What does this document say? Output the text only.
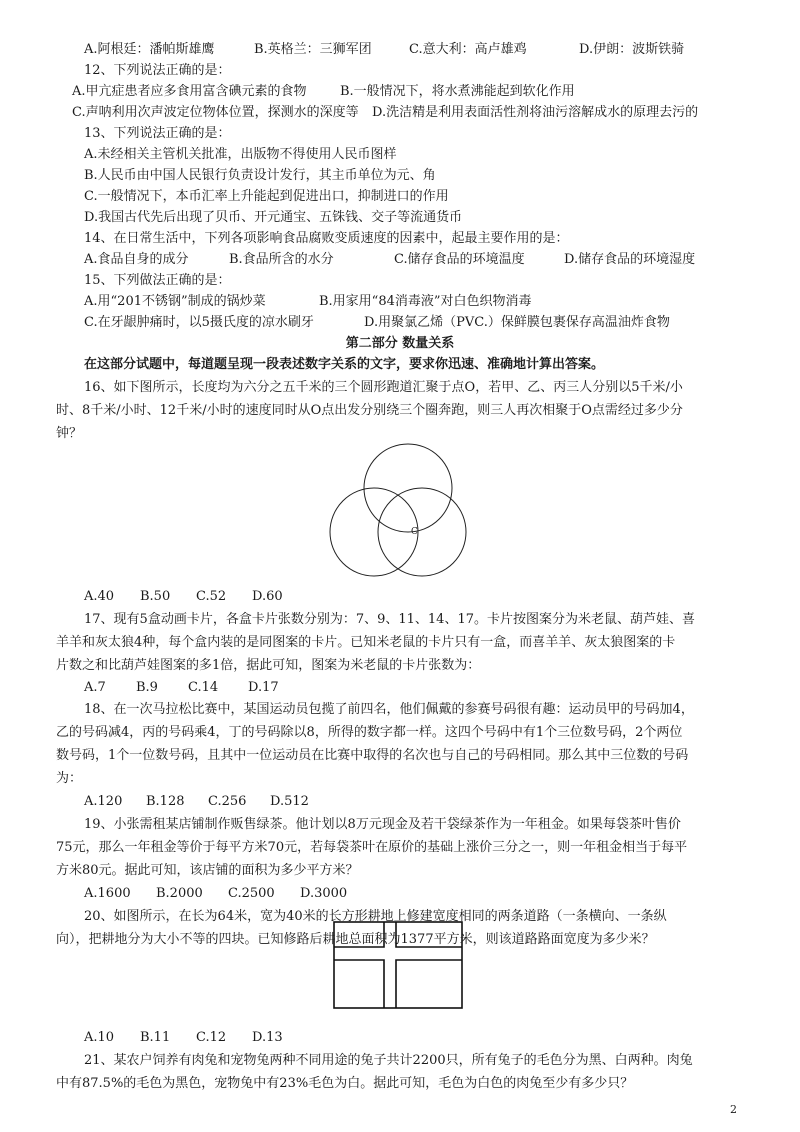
A.阿根廷：潘帕斯雄鹰	B.英格兰：三狮军团	C.意大利：高卢雄鸡	D.伊朗：波斯铁骑
12、下列说法正确的是：
A.甲亢症患者应多食用富含碘元素的食物	B.一般情况下，将水煮沸能起到软化作用
C.声呐利用次声波定位物体位置，探测水的深度等 D.洗洁精是利用表面活性剂将油污溶解成水的原理去污的
13、下列说法正确的是：
A.未经相关主管机关批准，出版物不得使用人民币图样
B.人民币由中国人民银行负责设计发行，其主币单位为元、角
C.一般情况下，本币汇率上升能起到促进出口，抑制进口的作用
D.我国古代先后出现了贝币、开元通宝、五铢钱、交子等流通货币
14、在日常生活中，下列各项影响食品腐败变质速度的因素中，起最主要作用的是：
A.食品自身的成分	B.食品所含的水分	C.储存食品的环境温度	D.储存食品的环境湿度
15、下列做法正确的是：
A.用“201不锈钢”制成的锅炒菜	B.用家用“84消毒液”对白色织物消毒
C.在牙龈肿痛时，以5摄氏度的凉水刷牙	D.用聚氯乙烯（PVC.）保鲜膜包裹保存高温油炸食物
第二部分 数量关系
在这部分试题中，每道题呈现一段表述数字关系的文字，要求你迅速、准确地计算出答案。
16、如下图所示，长度均为六分之五千米的三个圆形跑道汇聚于点O，若甲、乙、丙三人分别以5千米/小
时、8千米/小时、12千米/小时的速度同时从O点出发分别绕三个圈奔跑，则三人再次相聚于O点需经过多少分
钟？
C
A.40 B.50 C.52 D.60
17、现有5盒动画卡片，各盒卡片张数分别为：7、9、11、14、17。卡片按图案分为米老鼠、葫芦娃、喜
羊羊和灰太狼4种，每个盒内装的是同图案的卡片。已知米老鼠的卡片只有一盒，而喜羊羊、灰太狼图案的卡
片数之和比葫芦娃图案的多1倍，据此可知，图案为米老鼠的卡片张数为：
A.7 B.9 C.14 D.17
18、在一次马拉松比赛中，某国运动员包揽了前四名，他们佩戴的参赛号码很有趣：运动员甲的号码加4，
乙的号码减4，丙的号码乘4，丁的号码除以8，所得的数字都一样。这四个号码中有1个三位数号码，2个两位
数号码，1个一位数号码，且其中一位运动员在比赛中取得的名次也与自己的号码相同。那么其中三位数的号码
为：
A.120 B.128 C.256 D.512
19、小张需租某店铺制作贩售绿茶。他计划以8万元现金及若干袋绿茶作为一年租金。如果每袋茶叶售价
75元，那么一年租金等价于每平方米70元，若每袋茶叶在原价的基础上涨价三分之一，则一年租金相当于每平
方米80元。据此可知，该店铺的面积为多少平方米？
A.1600 B.2000 C.2500 D.3000
20、如图所示，在长为64米，宽为40米的长方形耕地上修建宽度相同的两条道路（一条横向、一条纵
向），把耕地分为大小不等的四块。已知修路后耕地总面积为1377平方米，则该道路路面宽度为多少米？
A.10 B.11 C.12 D.13
21、某农户饲养有肉兔和宠物兔两种不同用途的兔子共计2200只，所有兔子的毛色分为黑、白两种。肉兔
中有87.5%的毛色为黑色，宠物兔中有23%毛色为白。据此可知，毛色为白色的肉兔至少有多少只？
2
